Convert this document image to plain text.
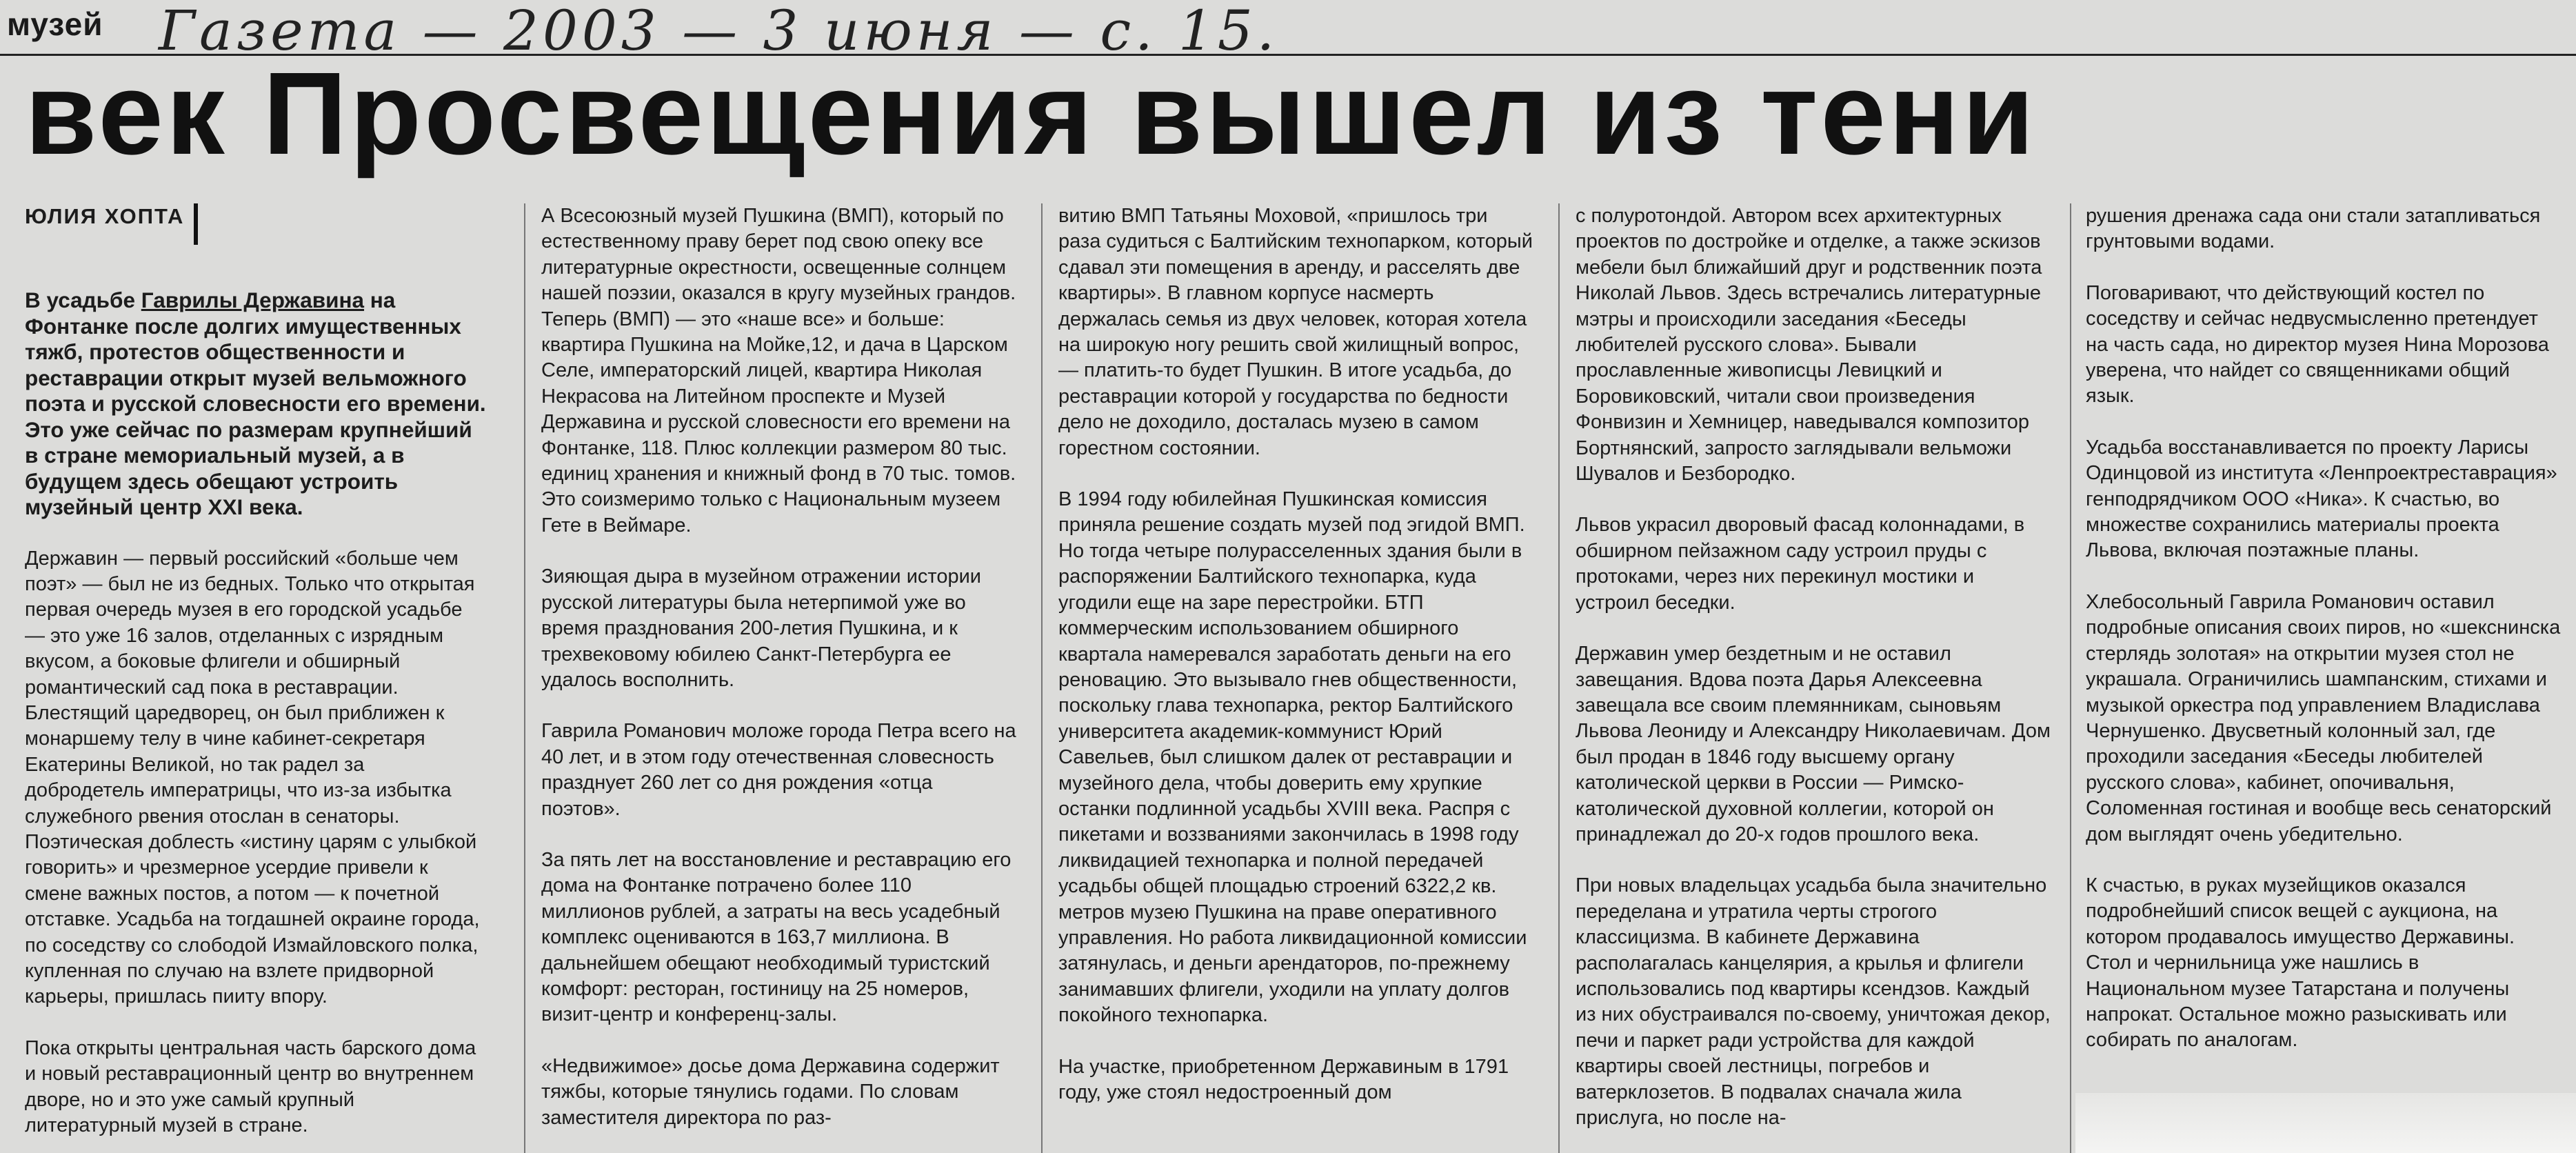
музей Газета — 2003 — 3 июня — с. 15.
век Просвещения вышел из тени
ЮЛИЯ ХОПТА

В усадьбе Гаврилы Державина на Фонтанке после долгих имущественных тяжб, протестов общественности и реставрации открыт музей вельможного поэта и русской словесности его времени. Это уже сейчас по размерам крупнейший в стране мемориальный музей, а в будущем здесь обещают устроить музейный центр XXI века.

Державин — первый российский «больше чем поэт» — был не из бедных. Только что открытая первая очередь музея в его городской усадьбе — это уже 16 залов, отделанных с изрядным вкусом, а боковые флигели и обширный романтический сад пока в реставрации. Блестящий царедворец, он был приближен к монаршему телу в чине кабинет-секретаря Екатерины Великой, но так радел за добродетель императрицы, что из-за избытка служебного рвения отослан в сенаторы. Поэтическая доблесть «истину царям с улыбкой говорить» и чрезмерное усердие привели к смене важных постов, а потом — к почетной отставке. Усадьба на тогдашней окраине города, по соседству со слободой Измайловского полка, купленная по случаю на взлете придворной карьеры, пришлась пииту впору.

Пока открыты центральная часть барского дома и новый реставрационный центр во внутреннем дворе, но и это уже самый крупный литературный музей в стране.

А Всесоюзный музей Пушкина (ВМП), который по естественному праву берет под свою опеку все литературные окрестности, освещенные солнцем нашей поэзии, оказался в кругу музейных грандов. Теперь (ВМП) — это «наше все» и больше: квартира Пушкина на Мойке,12, и дача в Царском Селе, императорский лицей, квартира Николая Некрасова на Литейном проспекте и Музей Державина и русской словесности его времени на Фонтанке, 118. Плюс коллекции размером 80 тыс. единиц хранения и книжный фонд в 70 тыс. томов. Это соизмеримо только с Национальным музеем Гете в Веймаре.

Зияющая дыра в музейном отражении истории русской литературы была нетерпимой уже во время празднования 200-летия Пушкина, и к трехвековому юбилею Санкт-Петербурга ее удалось восполнить.

Гаврила Романович моложе города Петра всего на 40 лет, и в этом году отечественная словесность празднует 260 лет со дня рождения «отца поэтов».

За пять лет на восстановление и реставрацию его дома на Фонтанке потрачено более 110 миллионов рублей, а затраты на весь усадебный комплекс оцениваются в 163,7 миллиона. В дальнейшем обещают необходимый туристский комфорт: ресторан, гостиницу на 25 номеров, визит-центр и конференц-залы.

«Недвижимое» досье дома Державина содержит тяжбы, которые тянулись годами. По словам заместителя директора по раз-

витию ВМП Татьяны Моховой, «пришлось три раза судиться с Балтийским технопарком, который сдавал эти помещения в аренду, и расселять две квартиры». В главном корпусе насмерть держалась семья из двух человек, которая хотела на широкую ногу решить свой жилищный вопрос, — платить-то будет Пушкин. В итоге усадьба, до реставрации которой у государства по бедности дело не доходило, досталась музею в самом горестном состоянии.

В 1994 году юбилейная Пушкинская комиссия приняла решение создать музей под эгидой ВМП. Но тогда четыре полурасселенных здания были в распоряжении Балтийского технопарка, куда угодили еще на заре перестройки. БТП коммерческим использованием обширного квартала намеревался заработать деньги на его реновацию. Это вызывало гнев общественности, поскольку глава технопарка, ректор Балтийского университета академик-коммунист Юрий Савельев, был слишком далек от реставрации и музейного дела, чтобы доверить ему хрупкие останки подлинной усадьбы XVIII века. Распря с пикетами и воззваниями закончилась в 1998 году ликвидацией технопарка и полной передачей усадьбы общей площадью строений 6322,2 кв. метров музею Пушкина на праве оперативного управления. Но работа ликвидационной комиссии затянулась, и деньги арендаторов, по-прежнему занимавших флигели, уходили на уплату долгов покойного технопарка.

На участке, приобретенном Державиным в 1791 году, уже стоял недостроенный дом

с полуротондой. Автором всех архитектурных проектов по достройке и отделке, а также эскизов мебели был ближайший друг и родственник поэта Николай Львов. Здесь встречались литературные мэтры и происходили заседания «Беседы любителей русского слова». Бывали прославленные живописцы Левицкий и Боровиковский, читали свои произведения Фонвизин и Хемницер, наведывался композитор Бортнянский, запросто заглядывали вельможи Шувалов и Безбородко.

Львов украсил дворовый фасад колоннадами, в обширном пейзажном саду устроил пруды с протоками, через них перекинул мостики и устроил беседки.

Державин умер бездетным и не оставил завещания. Вдова поэта Дарья Алексеевна завещала все своим племянникам, сыновьям Львова Леониду и Александру Николаевичам. Дом был продан в 1846 году высшему органу католической церкви в России — Римско-католической духовной коллегии, которой он принадлежал до 20-х годов прошлого века.

При новых владельцах усадьба была значительно переделана и утратила черты строгого классицизма. В кабинете Державина располагалась канцелярия, а крылья и флигели использовались под квартиры ксендзов. Каждый из них обустраивался по-своему, уничтожая декор, печи и паркет ради устройства для каждой квартиры своей лестницы, погребов и ватерклозетов. В подвалах сначала жила прислуга, но после на-

рушения дренажа сада они стали затапливаться грунтовыми водами.

Поговаривают, что действующий костел по соседству и сейчас недвусмысленно претендует на часть сада, но директор музея Нина Морозова уверена, что найдет со священниками общий язык.

Усадьба восстанавливается по проекту Ларисы Одинцовой из института «Ленпроектреставрация» генподрядчиком ООО «Ника». К счастью, во множестве сохранились материалы проекта Львова, включая поэтажные планы.

Хлебосольный Гаврила Романович оставил подробные описания своих пиров, но «шекснинска стерлядь золотая» на открытии музея стол не украшала. Ограничились шампанским, стихами и музыкой оркестра под управлением Владислава Чернушенко. Двусветный колонный зал, где проходили заседания «Беседы любителей русского слова», кабинет, опочивальня, Соломенная гостиная и вообще весь сенаторский дом выглядят очень убедительно.

К счастью, в руках музейщиков оказался подробнейший список вещей с аукциона, на котором продавалось имущество Державины. Стол и чернильница уже нашлись в Национальном музее Татарстана и получены напрокат. Остальное можно разыскивать или собирать по аналогам.
